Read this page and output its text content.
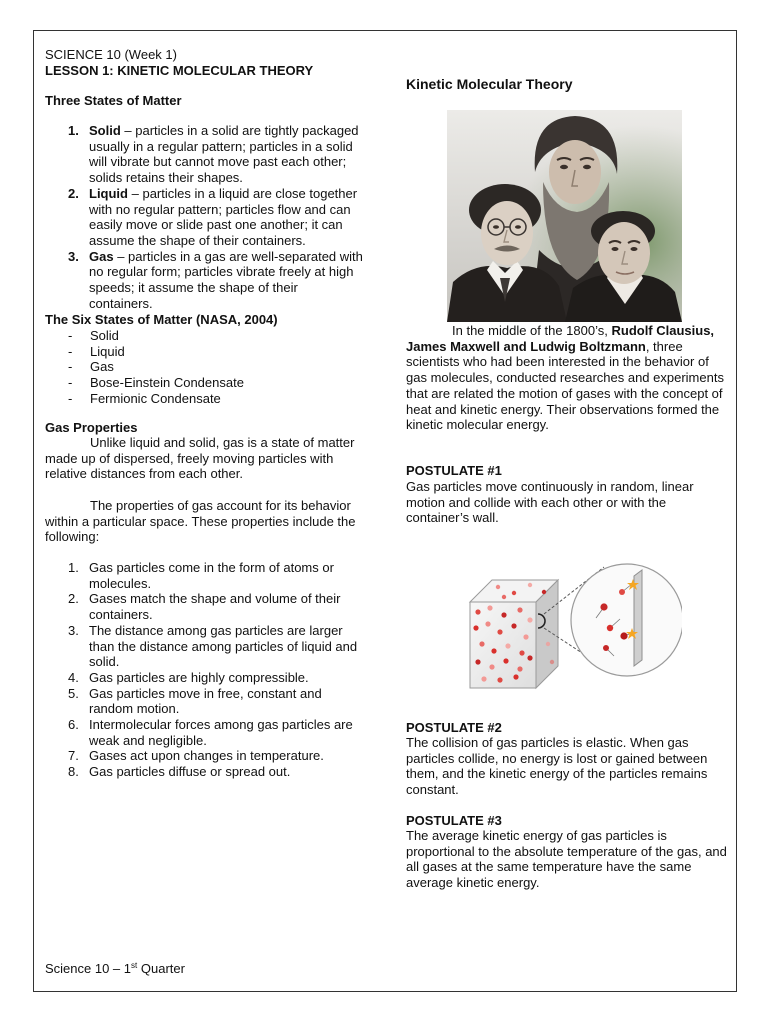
SCIENCE 10 (Week 1)
LESSON 1: KINETIC MOLECULAR THEORY
Three States of Matter
Solid – particles in a solid are tightly packaged usually in a regular pattern; particles in a solid will vibrate but cannot move past each other; solids retains their shapes.
Liquid – particles in a liquid are close together with no regular pattern; particles flow and can easily move or slide past one another; it can assume the shape of their containers.
Gas – particles in a gas are well-separated with no regular form; particles vibrate freely at high speeds; it assume the shape of their containers.
The Six States of Matter (NASA, 2004)
- Solid
- Liquid
- Gas
- Bose-Einstein Condensate
- Fermionic Condensate
Gas Properties

Unlike liquid and solid, gas is a state of matter made up of dispersed, freely moving particles with relative distances from each other.

The properties of gas account for its behavior within a particular space. These properties include the following:

Gas particles come in the form of atoms or molecules.
Gases match the shape and volume of their containers.
The distance among gas particles are larger than the distance among particles of liquid and solid.
Gas particles are highly compressible.
Gas particles move in free, constant and random motion.
Intermolecular forces among gas particles are weak and negligible.
Gases act upon changes in temperature.
Gas particles diffuse or spread out.
Science 10 – 1st Quarter
Kinetic Molecular Theory

In the middle of the 1800’s, Rudolf Clausius, James Maxwell and Ludwig Boltzmann, three scientists who had been interested in the behavior of gas molecules, conducted researches and experiments that are related the motion of gases with the concept of heat and kinetic energy. Their observations formed the kinetic molecular energy.

POSTULATE #1

Gas particles move continuously in random, linear motion and collide with each other or with the container’s wall.

POSTULATE #2

The collision of gas particles is elastic. When gas particles collide, no energy is lost or gained between them, and the kinetic energy of the particles remains constant.

POSTULATE #3

The average kinetic energy of gas particles is proportional to the absolute temperature of the gas, and all gases at the same temperature have the same average kinetic energy.
